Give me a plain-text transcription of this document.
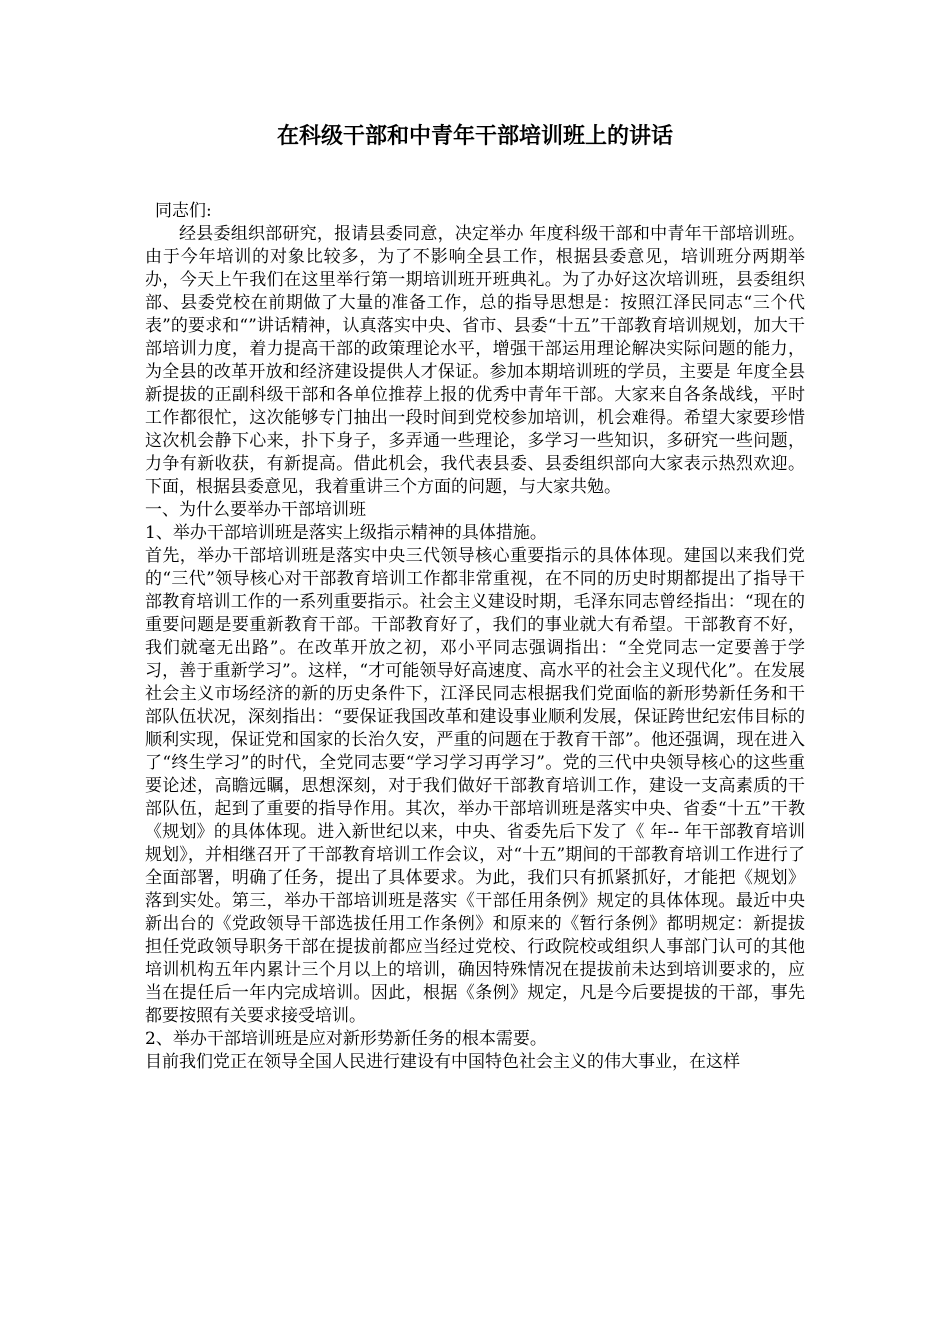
在科级干部和中青年干部培训班上的讲话

同志们:

经县委组织部研究，报请县委同意，决定举办 年度科级干部和中青年干部培训班。由于今年培训的对象比较多，为了不影响全县工作，根据县委意见，培训班分两期举办，今天上午我们在这里举行第一期培训班开班典礼。为了办好这次培训班，县委组织部、县委党校在前期做了大量的准备工作，总的指导思想是：按照江泽民同志“三个代表”的要求和“”讲话精神，认真落实中央、省市、县委“十五”干部教育培训规划，加大干部培训力度，着力提高干部的政策理论水平，增强干部运用理论解决实际问题的能力，为全县的改革开放和经济建设提供人才保证。参加本期培训班的学员，主要是 年度全县新提拔的正副科级干部和各单位推荐上报的优秀中青年干部。大家来自各条战线，平时工作都很忙，这次能够专门抽出一段时间到党校参加培训，机会难得。希望大家要珍惜这次机会静下心来，扑下身子，多弄通一些理论，多学习一些知识，多研究一些问题，力争有新收获，有新提高。借此机会，我代表县委、县委组织部向大家表示热烈欢迎。下面，根据县委意见，我着重讲三个方面的问题，与大家共勉。

一、为什么要举办干部培训班

1、举办干部培训班是落实上级指示精神的具体措施。

首先，举办干部培训班是落实中央三代领导核心重要指示的具体体现。建国以来我们党的“三代”领导核心对干部教育培训工作都非常重视，在不同的历史时期都提出了指导干部教育培训工作的一系列重要指示。社会主义建设时期，毛泽东同志曾经指出：“现在的重要问题是要重新教育干部。干部教育好了，我们的事业就大有希望。干部教育不好，我们就毫无出路”。在改革开放之初，邓小平同志强调指出：“全党同志一定要善于学习，善于重新学习”。这样，“才可能领导好高速度、高水平的社会主义现代化”。在发展社会主义市场经济的新的历史条件下，江泽民同志根据我们党面临的新形势新任务和干部队伍状况，深刻指出：“要保证我国改革和建设事业顺利发展，保证跨世纪宏伟目标的顺利实现，保证党和国家的长治久安，严重的问题在于教育干部”。他还强调，现在进入了“终生学习”的时代，全党同志要“学习学习再学习”。党的三代中央领导核心的这些重要论述，高瞻远瞩，思想深刻，对于我们做好干部教育培训工作，建设一支高素质的干部队伍，起到了重要的指导作用。其次，举办干部培训班是落实中央、省委“十五”干教《规划》的具体体现。进入新世纪以来，中央、省委先后下发了《 年-- 年干部教育培训规划》，并相继召开了干部教育培训工作会议，对“十五”期间的干部教育培训工作进行了全面部署，明确了任务，提出了具体要求。为此，我们只有抓紧抓好，才能把《规划》落到实处。第三，举办干部培训班是落实《干部任用条例》规定的具体体现。最近中央新出台的《党政领导干部选拔任用工作条例》和原来的《暂行条例》都明规定：新提拔担任党政领导职务干部在提拔前都应当经过党校、行政院校或组织人事部门认可的其他培训机构五年内累计三个月以上的培训，确因特殊情况在提拔前未达到培训要求的，应当在提任后一年内完成培训。因此，根据《条例》规定，凡是今后要提拔的干部，事先都要按照有关要求接受培训。

2、举办干部培训班是应对新形势新任务的根本需要。

目前我们党正在领导全国人民进行建设有中国特色社会主义的伟大事业，在这样
